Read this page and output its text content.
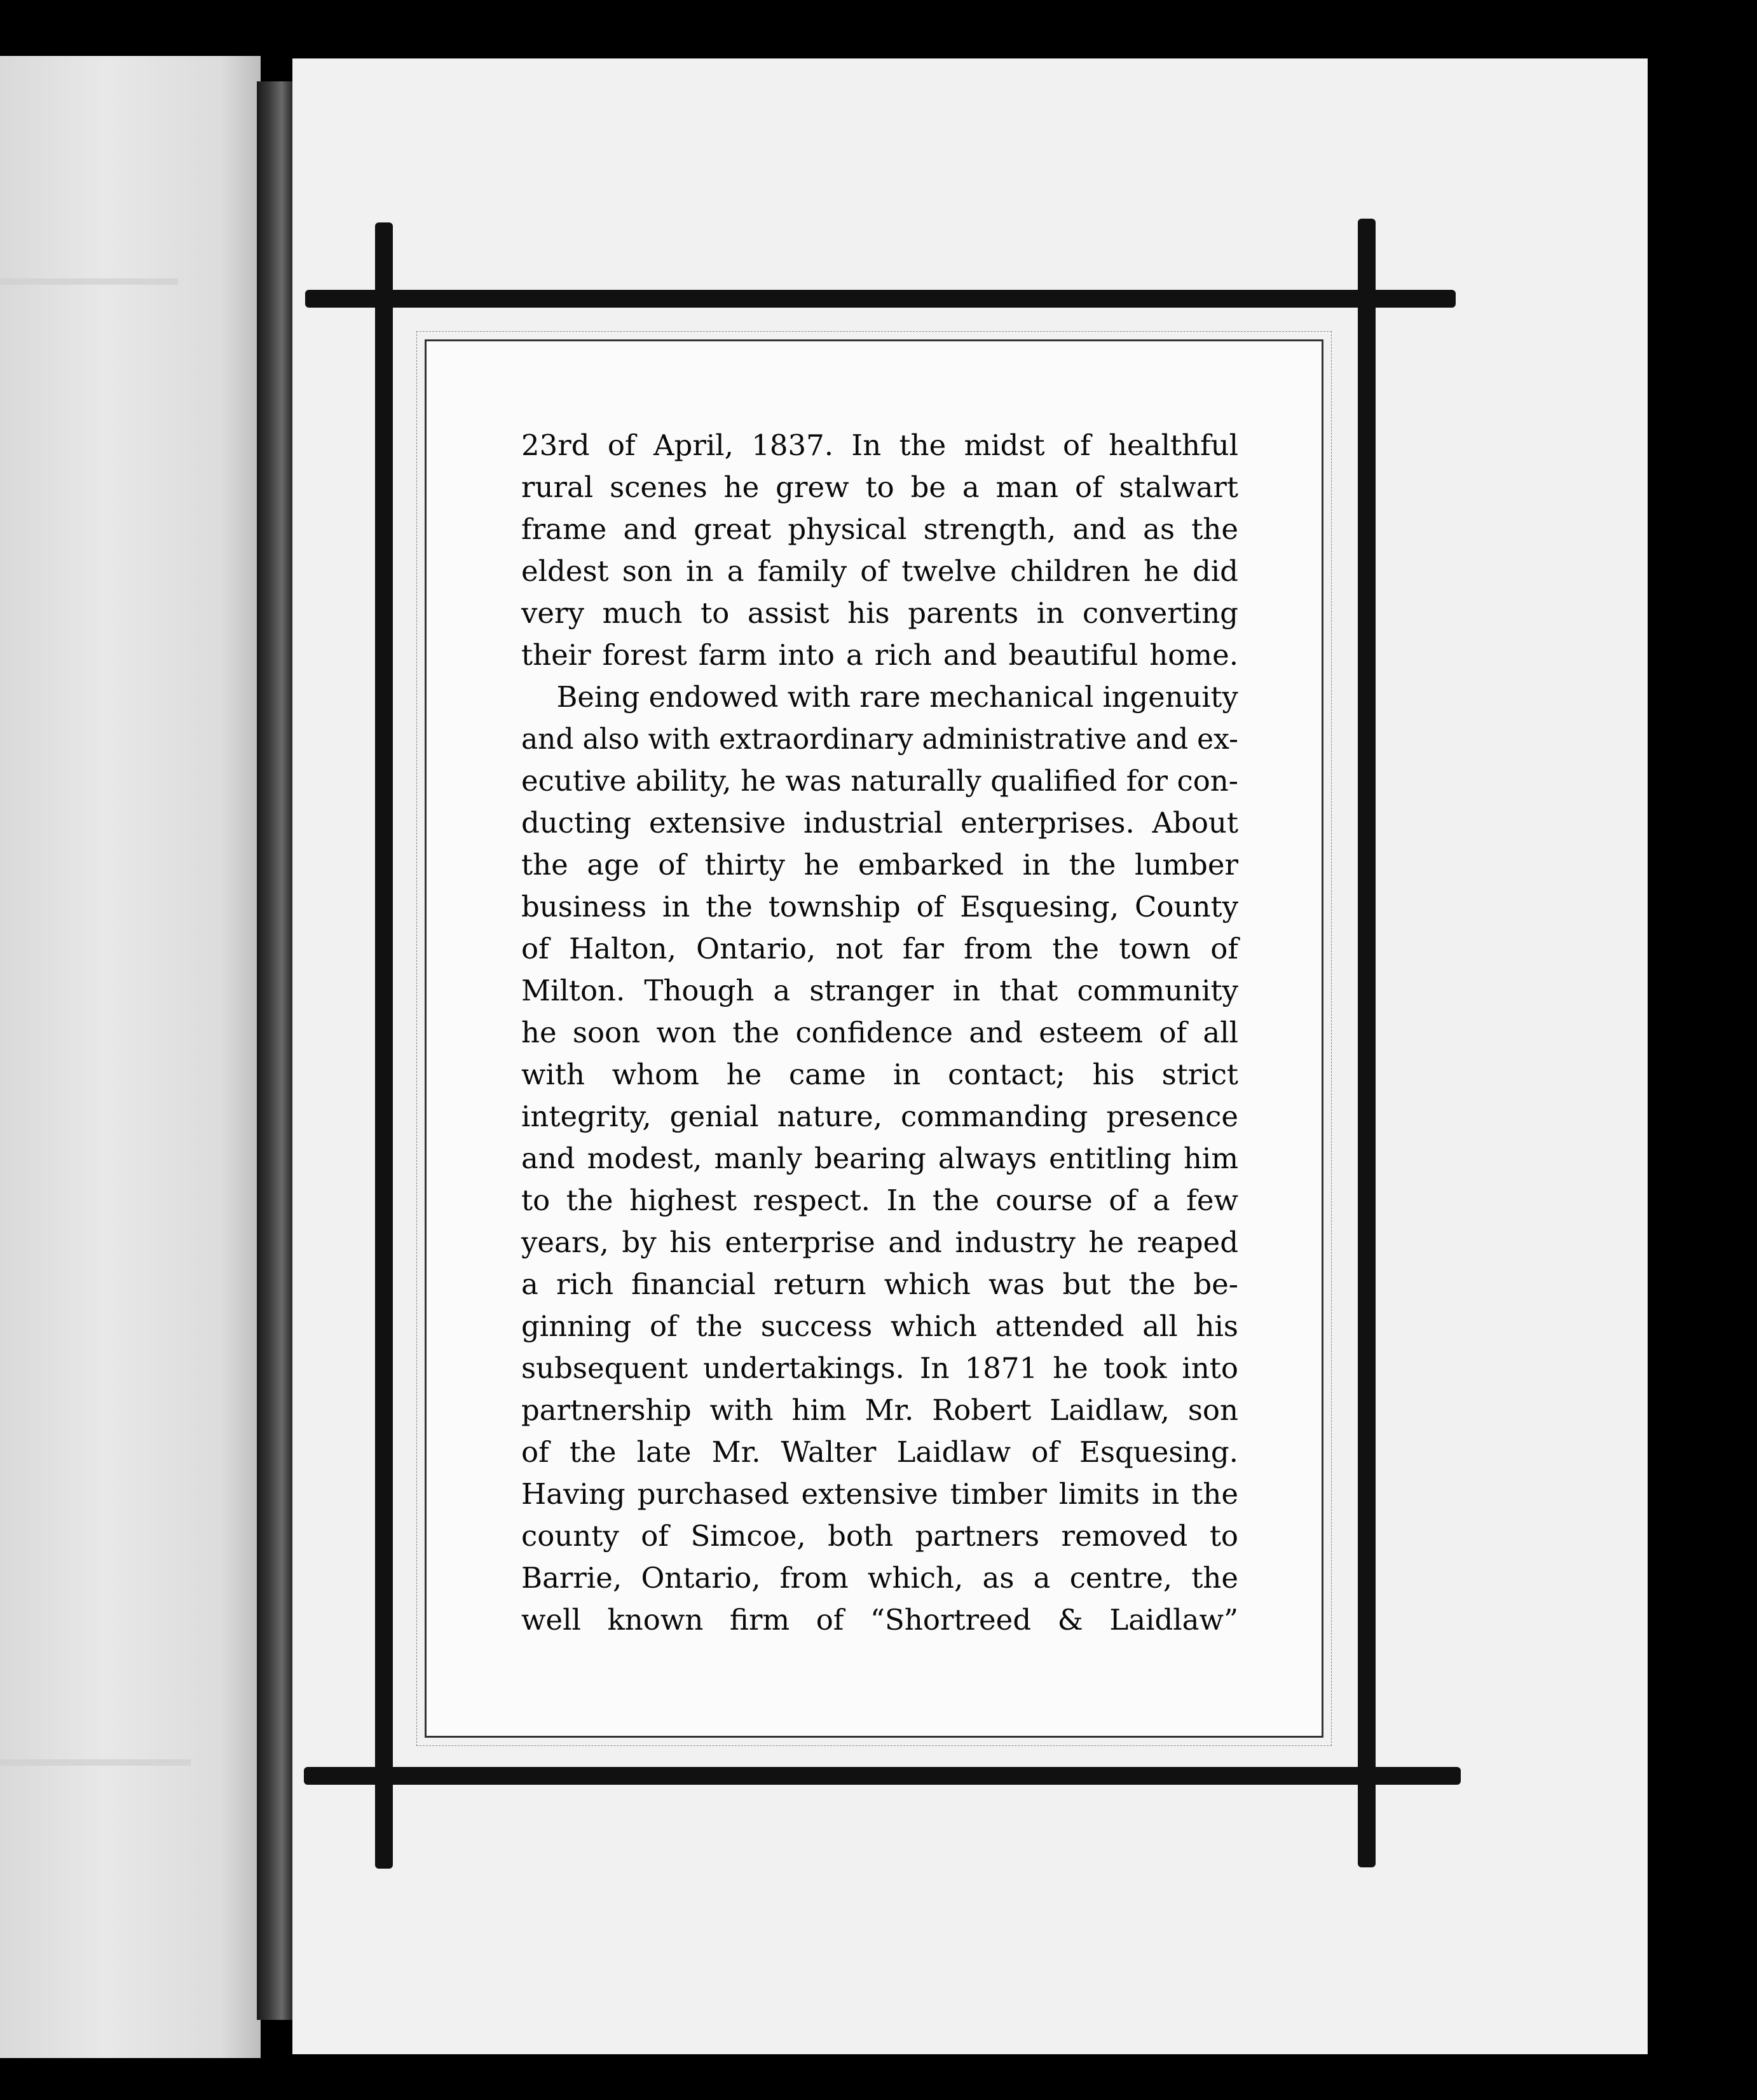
23rd of April, 1837. In the midst of healthful
rural scenes he grew to be a man of stalwart
frame and great physical strength, and as the
eldest son in a family of twelve children he did
very much to assist his parents in converting
their forest farm into a rich and beautiful home.
Being endowed with rare mechanical ingenuity
and also with extraordinary administrative and ex-
ecutive ability, he was naturally qualified for con-
ducting extensive industrial enterprises. About
the age of thirty he embarked in the lumber
business in the township of Esquesing, County
of Halton, Ontario, not far from the town of
Milton. Though a stranger in that community
he soon won the confidence and esteem of all
with whom he came in contact; his strict
integrity, genial nature, commanding presence
and modest, manly bearing always entitling him
to the highest respect. In the course of a few
years, by his enterprise and industry he reaped
a rich financial return which was but the be-
ginning of the success which attended all his
subsequent undertakings. In 1871 he took into
partnership with him Mr. Robert Laidlaw, son
of the late Mr. Walter Laidlaw of Esquesing.
Having purchased extensive timber limits in the
county of Simcoe, both partners removed to
Barrie, Ontario, from which, as a centre, the
well known firm of “Shortreed & Laidlaw”
